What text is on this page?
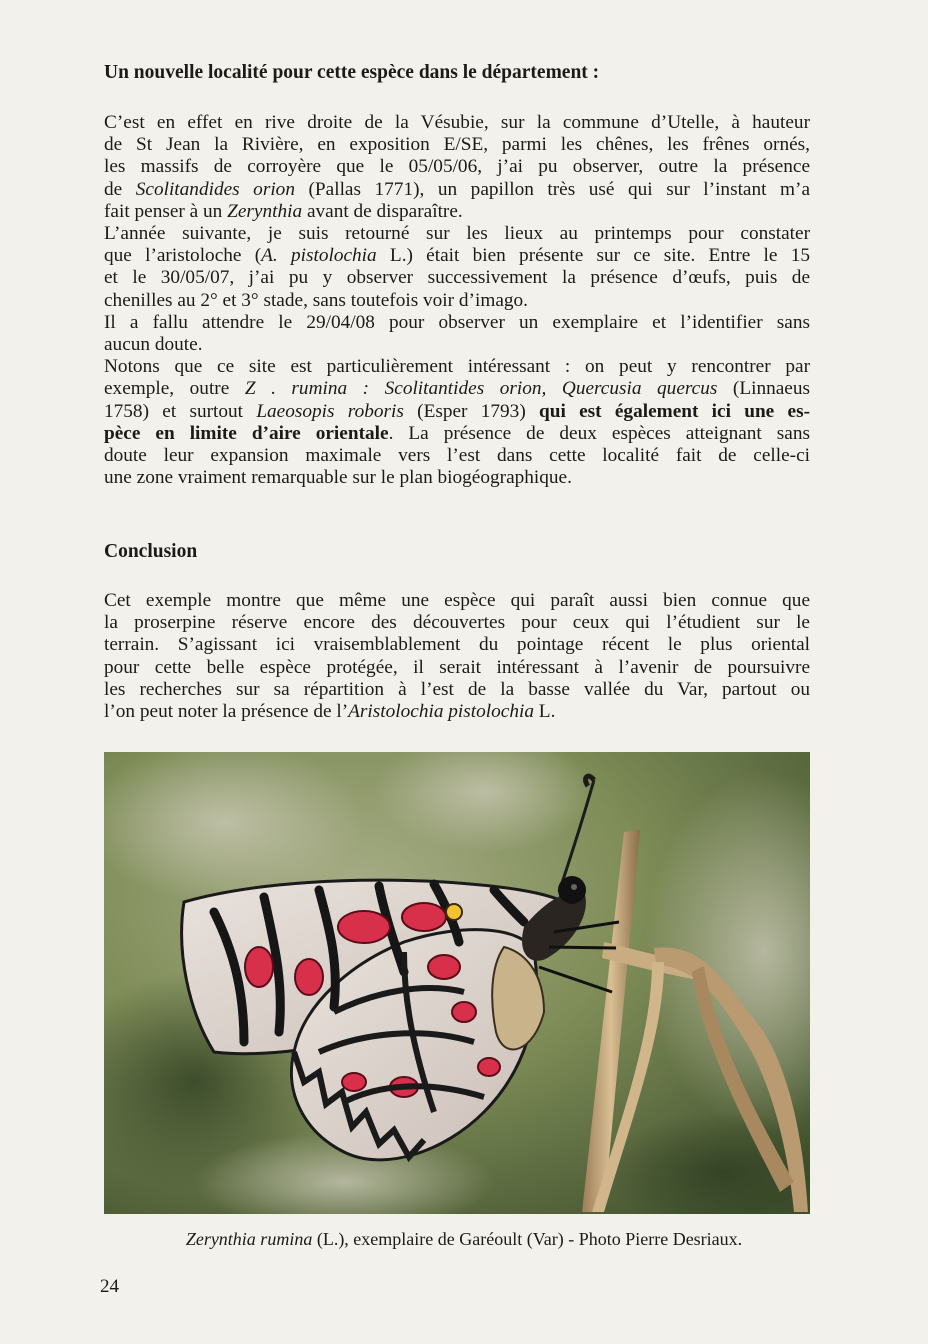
Un nouvelle localité pour cette espèce dans le département :
C’est en effet en rive droite de la Vésubie, sur la commune d’Utelle, à hauteur
de St Jean la Rivière, en exposition E/SE, parmi les chênes, les frênes ornés,
les massifs de corroyère que le 05/05/06, j’ai pu observer, outre la présence
de Scolitandides orion (Pallas 1771), un papillon très usé qui sur l’instant m’a
fait penser à un Zerynthia avant de disparaître.
L’année suivante, je suis retourné sur les lieux au printemps pour constater
que l’aristoloche (A. pistolochia L.) était bien présente sur ce site. Entre le 15
et le 30/05/07, j’ai pu y observer successivement la présence d’œufs, puis de
chenilles au 2° et 3° stade, sans toutefois voir d’imago.
Il a fallu attendre le 29/04/08 pour observer un exemplaire et l’identifier sans
aucun doute.
Notons que ce site est particulièrement intéressant : on peut y rencontrer par
exemple, outre Z . rumina : Scolitantides orion, Quercusia quercus (Linnaeus
1758) et surtout Laeosopis roboris (Esper 1793) qui est également ici une es-
pèce en limite d’aire orientale. La présence de deux espèces atteignant sans
doute leur expansion maximale vers l’est dans cette localité fait de celle-ci
une zone vraiment remarquable sur le plan biogéographique.
Conclusion
Cet exemple montre que même une espèce qui paraît aussi bien connue que
la proserpine réserve encore des découvertes pour ceux qui l’étudient sur le
terrain. S’agissant ici vraisemblablement du pointage récent le plus oriental
pour cette belle espèce protégée, il serait intéressant à l’avenir de poursuivre
les recherches sur sa répartition à l’est de la basse vallée du Var, partout ou
l’on peut noter la présence de l’Aristolochia pistolochia L.
Zerynthia rumina (L.), exemplaire de Garéoult (Var) - Photo Pierre Desriaux.
24
